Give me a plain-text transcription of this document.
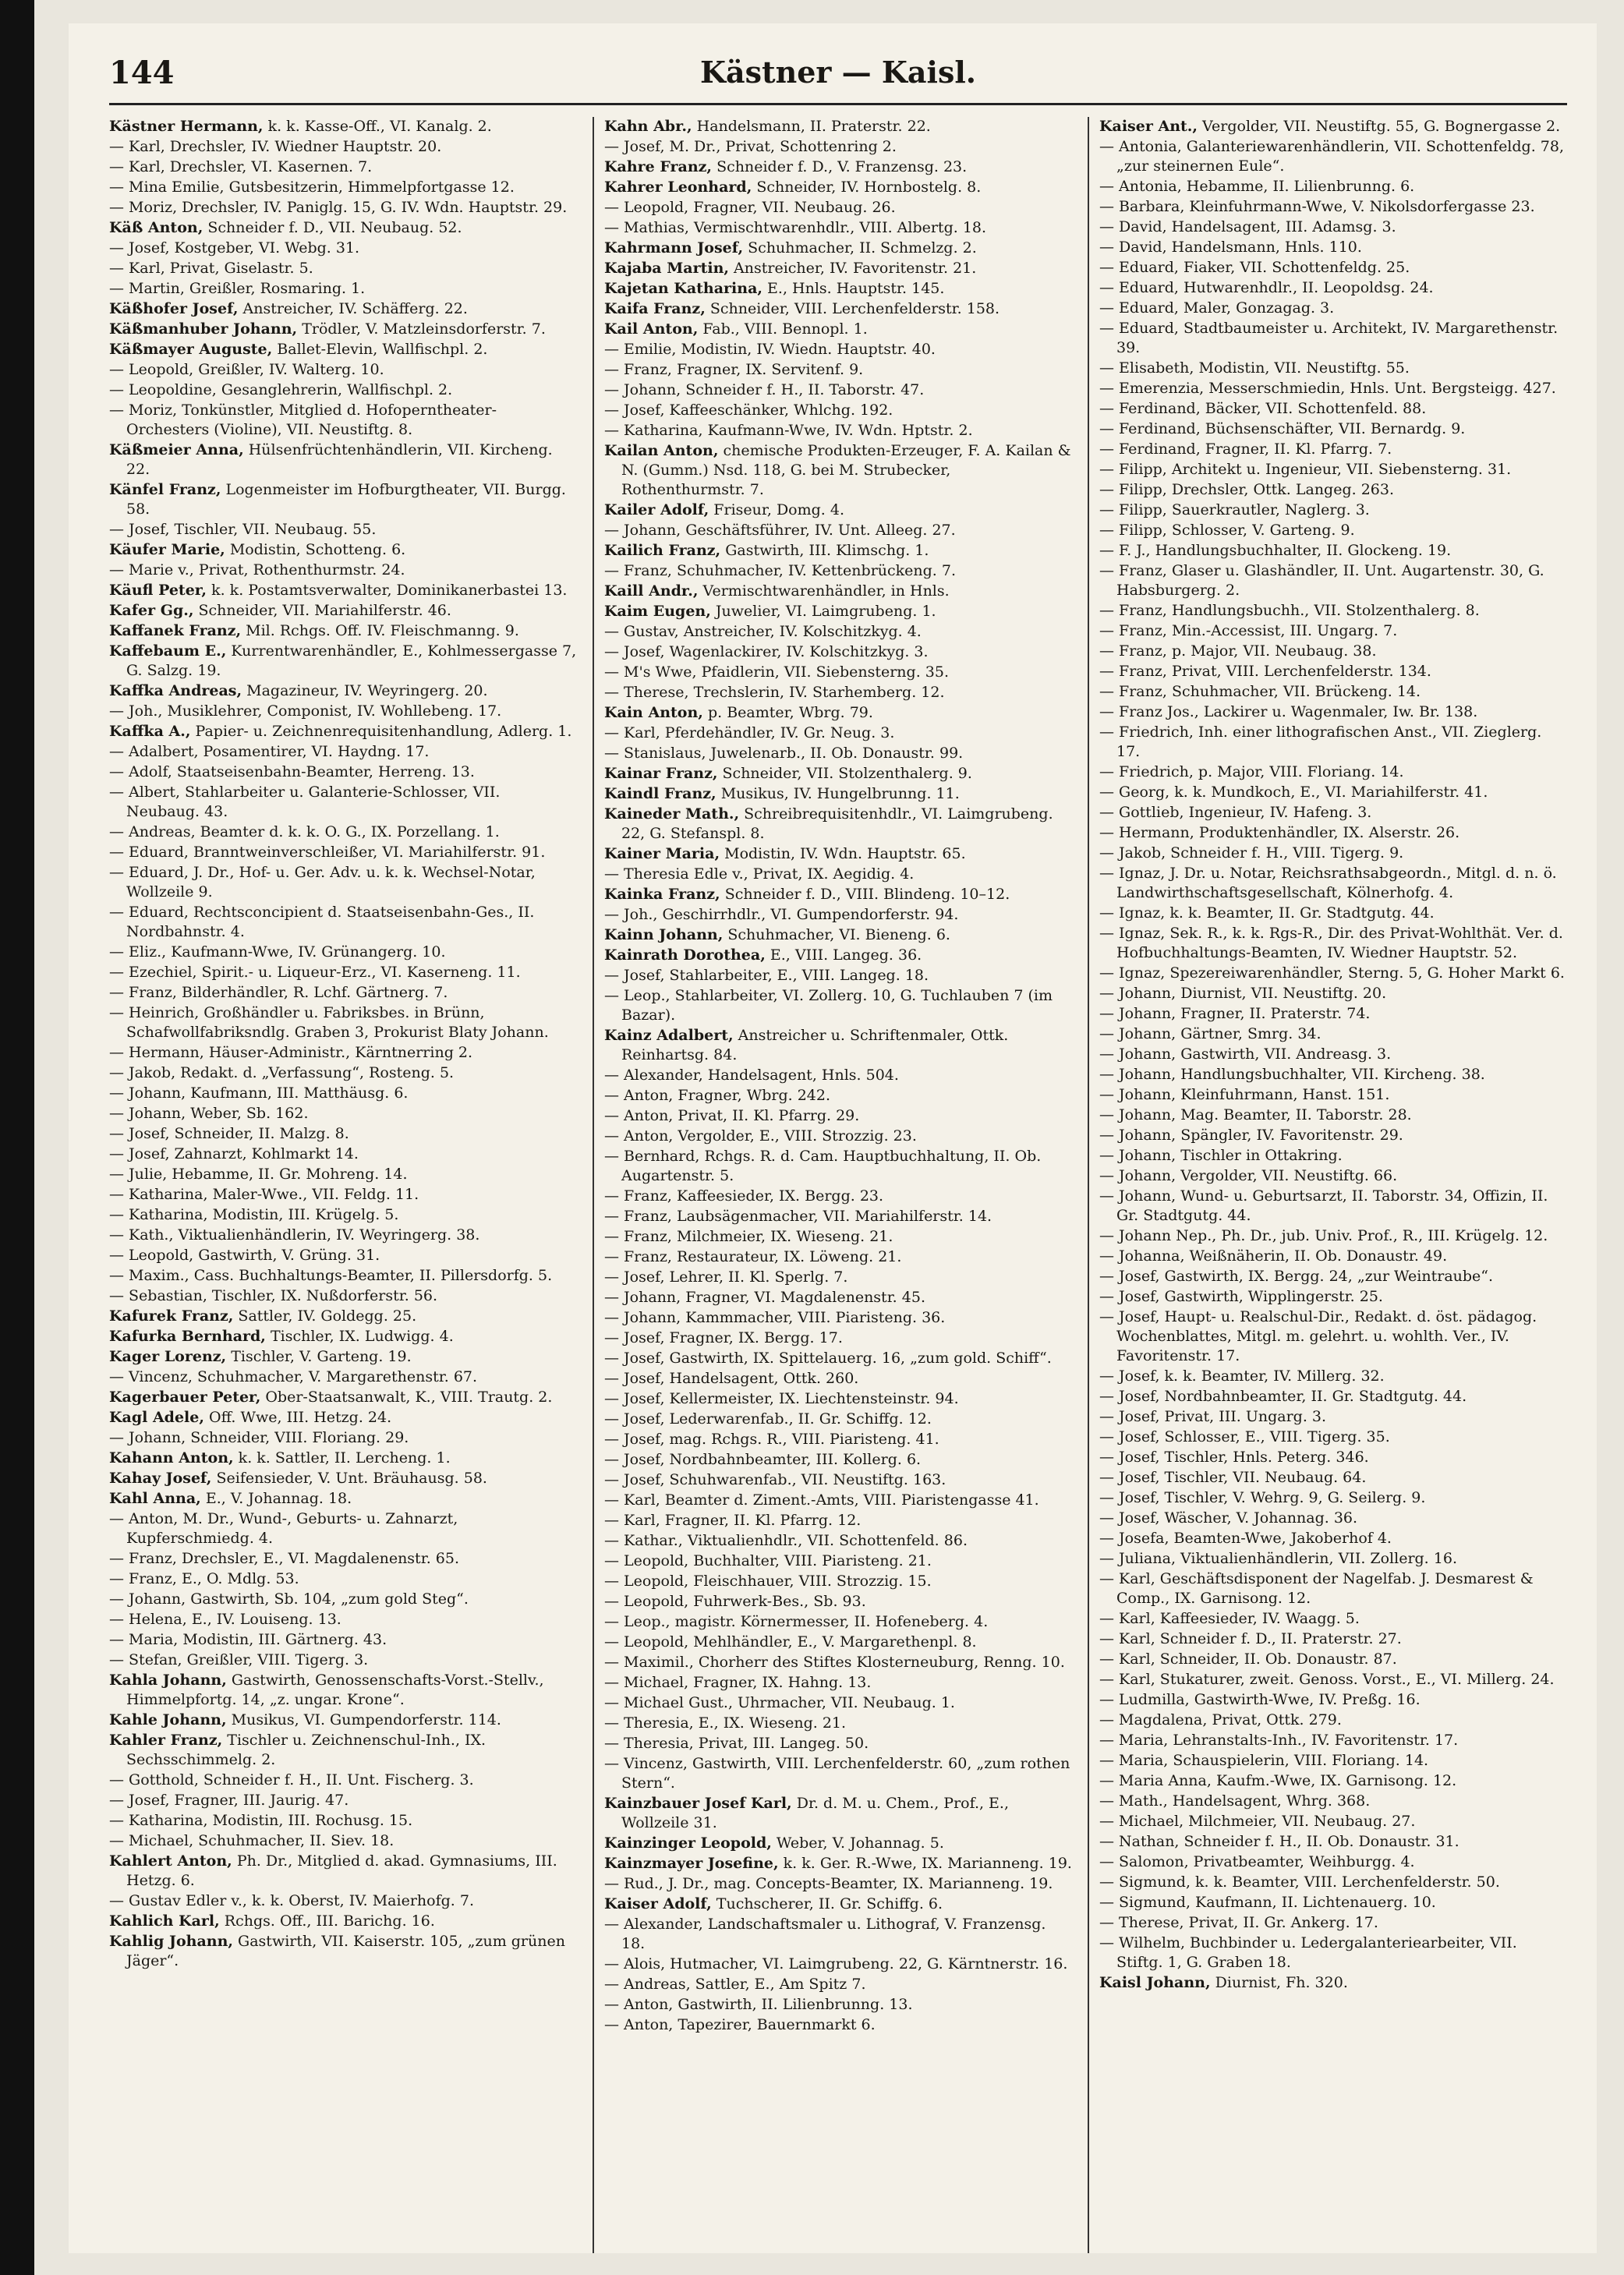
144	Kästner — Kaisl.
Kästner Hermann, k. k. Kasse-Off., VI. Kanalg. 2.
— Karl, Drechsler, IV. Wiedner Hauptstr. 20.
— Karl, Drechsler, VI. Kasernen. 7.
— Mina Emilie, Gutsbesitzerin, Himmelpfortgasse 12.
— Moriz, Drechsler, IV. Paniglg. 15, G. IV. Wdn. Hauptstr. 29.
Käß Anton, Schneider f. D., VII. Neubaug. 52.
— Josef, Kostgeber, VI. Webg. 31.
— Karl, Privat, Giselastr. 5.
— Martin, Greißler, Rosmaring. 1.
Käßhofer Josef, Anstreicher, IV. Schäfferg. 22.
Käßmanhuber Johann, Trödler, V. Matzleinsdorferstr. 7.
Käßmayer Auguste, Ballet-Elevin, Wallfischpl. 2.
— Leopold, Greißler, IV. Walterg. 10.
— Leopoldine, Gesanglehrerin, Wallfischpl. 2.
— Moriz, Tonkünstler, Mitglied d. Hofoperntheater-Orchesters (Violine), VII. Neustiftg. 8.
Käßmeier Anna, Hülsenfrüchtenhändlerin, VII. Kircheng. 22.
Känfel Franz, Logenmeister im Hofburgtheater, VII. Burgg. 58.
— Josef, Tischler, VII. Neubaug. 55.
Käufer Marie, Modistin, Schotteng. 6.
— Marie v., Privat, Rothenthurmstr. 24.
Käufl Peter, k. k. Postamtsverwalter, Dominikanerbastei 13.
Kafer Gg., Schneider, VII. Mariahilferstr. 46.
Kaffanek Franz, Mil. Rchgs. Off. IV. Fleischmanng. 9.
Kaffebaum E., Kurrentwarenhändler, E., Kohlmessergasse 7, G. Salzg. 19.
Kaffka Andreas, Magazineur, IV. Weyringerg. 20.
— Joh., Musiklehrer, Componist, IV. Wohllebeng. 17.
Kaffka A., Papier- u. Zeichnenrequisitenhandlung, Adlerg. 1.
— Adalbert, Posamentirer, VI. Haydng. 17.
— Adolf, Staatseisenbahn-Beamter, Herreng. 13.
— Albert, Stahlarbeiter u. Galanterie-Schlosser, VII. Neubaug. 43.
— Andreas, Beamter d. k. k. O. G., IX. Porzellang. 1.
— Eduard, Branntweinverschleißer, VI. Mariahilferstr. 91.
— Eduard, J. Dr., Hof- u. Ger. Adv. u. k. k. Wechsel-Notar, Wollzeile 9.
— Eduard, Rechtsconcipient d. Staatseisenbahn-Ges., II. Nordbahnstr. 4.
— Eliz., Kaufmann-Wwe, IV. Grünangerg. 10.
— Ezechiel, Spirit.- u. Liqueur-Erz., VI. Kaserneng. 11.
— Franz, Bilderhändler, R. Lchf. Gärtnerg. 7.
— Heinrich, Großhändler u. Fabriksbes. in Brünn, Schafwollfabriksndlg. Graben 3, Prokurist Blaty Johann.
— Hermann, Häuser-Administr., Kärntnerring 2.
— Jakob, Redakt. d. „Verfassung“, Rosteng. 5.
— Johann, Kaufmann, III. Matthäusg. 6.
— Johann, Weber, Sb. 162.
— Josef, Schneider, II. Malzg. 8.
— Josef, Zahnarzt, Kohlmarkt 14.
— Julie, Hebamme, II. Gr. Mohreng. 14.
— Katharina, Maler-Wwe., VII. Feldg. 11.
— Katharina, Modistin, III. Krügelg. 5.
— Kath., Viktualienhändlerin, IV. Weyringerg. 38.
— Leopold, Gastwirth, V. Grüng. 31.
— Maxim., Cass. Buchhaltungs-Beamter, II. Pillersdorfg. 5.
— Sebastian, Tischler, IX. Nußdorferstr. 56.
Kafurek Franz, Sattler, IV. Goldegg. 25.
Kafurka Bernhard, Tischler, IX. Ludwigg. 4.
Kager Lorenz, Tischler, V. Garteng. 19.
— Vincenz, Schuhmacher, V. Margarethenstr. 67.
Kagerbauer Peter, Ober-Staatsanwalt, K., VIII. Trautg. 2.
Kagl Adele, Off. Wwe, III. Hetzg. 24.
— Johann, Schneider, VIII. Floriang. 29.
Kahann Anton, k. k. Sattler, II. Lercheng. 1.
Kahay Josef, Seifensieder, V. Unt. Bräuhausg. 58.
Kahl Anna, E., V. Johannag. 18.
— Anton, M. Dr., Wund-, Geburts- u. Zahnarzt, Kupferschmiedg. 4.
— Franz, Drechsler, E., VI. Magdalenenstr. 65.
— Franz, E., O. Mdlg. 53.
— Johann, Gastwirth, Sb. 104, „zum gold Steg“.
— Helena, E., IV. Louiseng. 13.
— Maria, Modistin, III. Gärtnerg. 43.
— Stefan, Greißler, VIII. Tigerg. 3.
Kahla Johann, Gastwirth, Genossenschafts-Vorst.-Stellv., Himmelpfortg. 14, „z. ungar. Krone“.
Kahle Johann, Musikus, VI. Gumpendorferstr. 114.
Kahler Franz, Tischler u. Zeichnenschul-Inh., IX. Sechsschimmelg. 2.
— Gotthold, Schneider f. H., II. Unt. Fischerg. 3.
— Josef, Fragner, III. Jaurig. 47.
— Katharina, Modistin, III. Rochusg. 15.
— Michael, Schuhmacher, II. Siev. 18.
Kahlert Anton, Ph. Dr., Mitglied d. akad. Gymnasiums, III. Hetzg. 6.
— Gustav Edler v., k. k. Oberst, IV. Maierhofg. 7.
Kahlich Karl, Rchgs. Off., III. Barichg. 16.
Kahlig Johann, Gastwirth, VII. Kaiserstr. 105, „zum grünen Jäger“.
Kahn Abr., Handelsmann, II. Praterstr. 22.
— Josef, M. Dr., Privat, Schottenring 2.
Kahre Franz, Schneider f. D., V. Franzensg. 23.
Kahrer Leonhard, Schneider, IV. Hornbostelg. 8.
— Leopold, Fragner, VII. Neubaug. 26.
— Mathias, Vermischtwarenhdlr., VIII. Albertg. 18.
Kahrmann Josef, Schuhmacher, II. Schmelzg. 2.
Kajaba Martin, Anstreicher, IV. Favoritenstr. 21.
Kajetan Katharina, E., Hnls. Hauptstr. 145.
Kaifa Franz, Schneider, VIII. Lerchenfelderstr. 158.
Kail Anton, Fab., VIII. Bennopl. 1.
— Emilie, Modistin, IV. Wiedn. Hauptstr. 40.
— Franz, Fragner, IX. Servitenf. 9.
— Johann, Schneider f. H., II. Taborstr. 47.
— Josef, Kaffeeschänker, Whlchg. 192.
— Katharina, Kaufmann-Wwe, IV. Wdn. Hptstr. 2.
Kailan Anton, chemische Produkten-Erzeuger, F. A. Kailan & N. (Gumm.) Nsd. 118, G. bei M. Strubecker, Rothenthurmstr. 7.
Kailer Adolf, Friseur, Domg. 4.
— Johann, Geschäftsführer, IV. Unt. Alleeg. 27.
Kailich Franz, Gastwirth, III. Klimschg. 1.
— Franz, Schuhmacher, IV. Kettenbrückeng. 7.
Kaill Andr., Vermischtwarenhändler, in Hnls.
Kaim Eugen, Juwelier, VI. Laimgrubeng. 1.
— Gustav, Anstreicher, IV. Kolschitzkyg. 4.
— Josef, Wagenlackirer, IV. Kolschitzkyg. 3.
— M's Wwe, Pfaidlerin, VII. Siebensterng. 35.
— Therese, Trechslerin, IV. Starhemberg. 12.
Kain Anton, p. Beamter, Wbrg. 79.
— Karl, Pferdehändler, IV. Gr. Neug. 3.
— Stanislaus, Juwelenarb., II. Ob. Donaustr. 99.
Kainar Franz, Schneider, VII. Stolzenthalerg. 9.
Kaindl Franz, Musikus, IV. Hungelbrunng. 11.
Kaineder Math., Schreibrequisitenhdlr., VI. Laimgrubeng. 22, G. Stefanspl. 8.
Kainer Maria, Modistin, IV. Wdn. Hauptstr. 65.
— Theresia Edle v., Privat, IX. Aegidig. 4.
Kainka Franz, Schneider f. D., VIII. Blindeng. 10–12.
— Joh., Geschirrhdlr., VI. Gumpendorferstr. 94.
Kainn Johann, Schuhmacher, VI. Bieneng. 6.
Kainrath Dorothea, E., VIII. Langeg. 36.
— Josef, Stahlarbeiter, E., VIII. Langeg. 18.
— Leop., Stahlarbeiter, VI. Zollerg. 10, G. Tuchlauben 7 (im Bazar).
Kainz Adalbert, Anstreicher u. Schriftenmaler, Ottk. Reinhartsg. 84.
— Alexander, Handelsagent, Hnls. 504.
— Anton, Fragner, Wbrg. 242.
— Anton, Privat, II. Kl. Pfarrg. 29.
— Anton, Vergolder, E., VIII. Strozzig. 23.
— Bernhard, Rchgs. R. d. Cam. Hauptbuchhaltung, II. Ob. Augartenstr. 5.
— Franz, Kaffeesieder, IX. Bergg. 23.
— Franz, Laubsägenmacher, VII. Mariahilferstr. 14.
— Franz, Milchmeier, IX. Wieseng. 21.
— Franz, Restaurateur, IX. Löweng. 21.
— Josef, Lehrer, II. Kl. Sperlg. 7.
— Johann, Fragner, VI. Magdalenenstr. 45.
— Johann, Kammmacher, VIII. Piaristeng. 36.
— Josef, Fragner, IX. Bergg. 17.
— Josef, Gastwirth, IX. Spittelauerg. 16, „zum gold. Schiff“.
— Josef, Handelsagent, Ottk. 260.
— Josef, Kellermeister, IX. Liechtensteinstr. 94.
— Josef, Lederwarenfab., II. Gr. Schiffg. 12.
— Josef, mag. Rchgs. R., VIII. Piaristeng. 41.
— Josef, Nordbahnbeamter, III. Kollerg. 6.
— Josef, Schuhwarenfab., VII. Neustiftg. 163.
— Karl, Beamter d. Ziment.-Amts, VIII. Piaristengasse 41.
— Karl, Fragner, II. Kl. Pfarrg. 12.
— Kathar., Viktualienhdlr., VII. Schottenfeld. 86.
— Leopold, Buchhalter, VIII. Piaristeng. 21.
— Leopold, Fleischhauer, VIII. Strozzig. 15.
— Leopold, Fuhrwerk-Bes., Sb. 93.
— Leop., magistr. Körnermesser, II. Hofeneberg. 4.
— Leopold, Mehlhändler, E., V. Margarethenpl. 8.
— Maximil., Chorherr des Stiftes Klosterneuburg, Renng. 10.
— Michael, Fragner, IX. Hahng. 13.
— Michael Gust., Uhrmacher, VII. Neubaug. 1.
— Theresia, E., IX. Wieseng. 21.
— Theresia, Privat, III. Langeg. 50.
— Vincenz, Gastwirth, VIII. Lerchenfelderstr. 60, „zum rothen Stern“.
Kainzbauer Josef Karl, Dr. d. M. u. Chem., Prof., E., Wollzeile 31.
Kainzinger Leopold, Weber, V. Johannag. 5.
Kainzmayer Josefine, k. k. Ger. R.-Wwe, IX. Marianneng. 19.
— Rud., J. Dr., mag. Concepts-Beamter, IX. Marianneng. 19.
Kaiser Adolf, Tuchscherer, II. Gr. Schiffg. 6.
— Alexander, Landschaftsmaler u. Lithograf, V. Franzensg. 18.
— Alois, Hutmacher, VI. Laimgrubeng. 22, G. Kärntnerstr. 16.
— Andreas, Sattler, E., Am Spitz 7.
— Anton, Gastwirth, II. Lilienbrunng. 13.
— Anton, Tapezirer, Bauernmarkt 6.
Kaiser Ant., Vergolder, VII. Neustiftg. 55, G. Bognergasse 2.
— Antonia, Galanteriewarenhändlerin, VII. Schottenfeldg. 78, „zur steinernen Eule“.
— Antonia, Hebamme, II. Lilienbrunng. 6.
— Barbara, Kleinfuhrmann-Wwe, V. Nikolsdorfergasse 23.
— David, Handelsagent, III. Adamsg. 3.
— David, Handelsmann, Hnls. 110.
— Eduard, Fiaker, VII. Schottenfeldg. 25.
— Eduard, Hutwarenhdlr., II. Leopoldsg. 24.
— Eduard, Maler, Gonzagag. 3.
— Eduard, Stadtbaumeister u. Architekt, IV. Margarethenstr. 39.
— Elisabeth, Modistin, VII. Neustiftg. 55.
— Emerenzia, Messerschmiedin, Hnls. Unt. Bergsteigg. 427.
— Ferdinand, Bäcker, VII. Schottenfeld. 88.
— Ferdinand, Büchsenschäfter, VII. Bernardg. 9.
— Ferdinand, Fragner, II. Kl. Pfarrg. 7.
— Filipp, Architekt u. Ingenieur, VII. Siebensterng. 31.
— Filipp, Drechsler, Ottk. Langeg. 263.
— Filipp, Sauerkrautler, Naglerg. 3.
— Filipp, Schlosser, V. Garteng. 9.
— F. J., Handlungsbuchhalter, II. Glockeng. 19.
— Franz, Glaser u. Glashändler, II. Unt. Augartenstr. 30, G. Habsburgerg. 2.
— Franz, Handlungsbuchh., VII. Stolzenthalerg. 8.
— Franz, Min.-Accessist, III. Ungarg. 7.
— Franz, p. Major, VII. Neubaug. 38.
— Franz, Privat, VIII. Lerchenfelderstr. 134.
— Franz, Schuhmacher, VII. Brückeng. 14.
— Franz Jos., Lackirer u. Wagenmaler, Iw. Br. 138.
— Friedrich, Inh. einer lithografischen Anst., VII. Zieglerg. 17.
— Friedrich, p. Major, VIII. Floriang. 14.
— Georg, k. k. Mundkoch, E., VI. Mariahilferstr. 41.
— Gottlieb, Ingenieur, IV. Hafeng. 3.
— Hermann, Produktenhändler, IX. Alserstr. 26.
— Jakob, Schneider f. H., VIII. Tigerg. 9.
— Ignaz, J. Dr. u. Notar, Reichsrathsabgeordn., Mitgl. d. n. ö. Landwirthschaftsgesellschaft, Kölnerhofg. 4.
— Ignaz, k. k. Beamter, II. Gr. Stadtgutg. 44.
— Ignaz, Sek. R., k. k. Rgs-R., Dir. des Privat-Wohlthät. Ver. d. Hofbuchhaltungs-Beamten, IV. Wiedner Hauptstr. 52.
— Ignaz, Spezereiwarenhändler, Sterng. 5, G. Hoher Markt 6.
— Johann, Diurnist, VII. Neustiftg. 20.
— Johann, Fragner, II. Praterstr. 74.
— Johann, Gärtner, Smrg. 34.
— Johann, Gastwirth, VII. Andreasg. 3.
— Johann, Handlungsbuchhalter, VII. Kircheng. 38.
— Johann, Kleinfuhrmann, Hanst. 151.
— Johann, Mag. Beamter, II. Taborstr. 28.
— Johann, Spängler, IV. Favoritenstr. 29.
— Johann, Tischler in Ottakring.
— Johann, Vergolder, VII. Neustiftg. 66.
— Johann, Wund- u. Geburtsarzt, II. Taborstr. 34, Offizin, II. Gr. Stadtgutg. 44.
— Johann Nep., Ph. Dr., jub. Univ. Prof., R., III. Krügelg. 12.
— Johanna, Weißnäherin, II. Ob. Donaustr. 49.
— Josef, Gastwirth, IX. Bergg. 24, „zur Weintraube“.
— Josef, Gastwirth, Wipplingerstr. 25.
— Josef, Haupt- u. Realschul-Dir., Redakt. d. öst. pädagog. Wochenblattes, Mitgl. m. gelehrt. u. wohlth. Ver., IV. Favoritenstr. 17.
— Josef, k. k. Beamter, IV. Millerg. 32.
— Josef, Nordbahnbeamter, II. Gr. Stadtgutg. 44.
— Josef, Privat, III. Ungarg. 3.
— Josef, Schlosser, E., VIII. Tigerg. 35.
— Josef, Tischler, Hnls. Peterg. 346.
— Josef, Tischler, VII. Neubaug. 64.
— Josef, Tischler, V. Wehrg. 9, G. Seilerg. 9.
— Josef, Wäscher, V. Johannag. 36.
— Josefa, Beamten-Wwe, Jakoberhof 4.
— Juliana, Viktualienhändlerin, VII. Zollerg. 16.
— Karl, Geschäftsdisponent der Nagelfab. J. Desmarest & Comp., IX. Garnisong. 12.
— Karl, Kaffeesieder, IV. Waagg. 5.
— Karl, Schneider f. D., II. Praterstr. 27.
— Karl, Schneider, II. Ob. Donaustr. 87.
— Karl, Stukaturer, zweit. Genoss. Vorst., E., VI. Millerg. 24.
— Ludmilla, Gastwirth-Wwe, IV. Preßg. 16.
— Magdalena, Privat, Ottk. 279.
— Maria, Lehranstalts-Inh., IV. Favoritenstr. 17.
— Maria, Schauspielerin, VIII. Floriang. 14.
— Maria Anna, Kaufm.-Wwe, IX. Garnisong. 12.
— Math., Handelsagent, Whrg. 368.
— Michael, Milchmeier, VII. Neubaug. 27.
— Nathan, Schneider f. H., II. Ob. Donaustr. 31.
— Salomon, Privatbeamter, Weihburgg. 4.
— Sigmund, k. k. Beamter, VIII. Lerchenfelderstr. 50.
— Sigmund, Kaufmann, II. Lichtenauerg. 10.
— Therese, Privat, II. Gr. Ankerg. 17.
— Wilhelm, Buchbinder u. Ledergalanteriearbeiter, VII. Stiftg. 1, G. Graben 18.
Kaisl Johann, Diurnist, Fh. 320.
